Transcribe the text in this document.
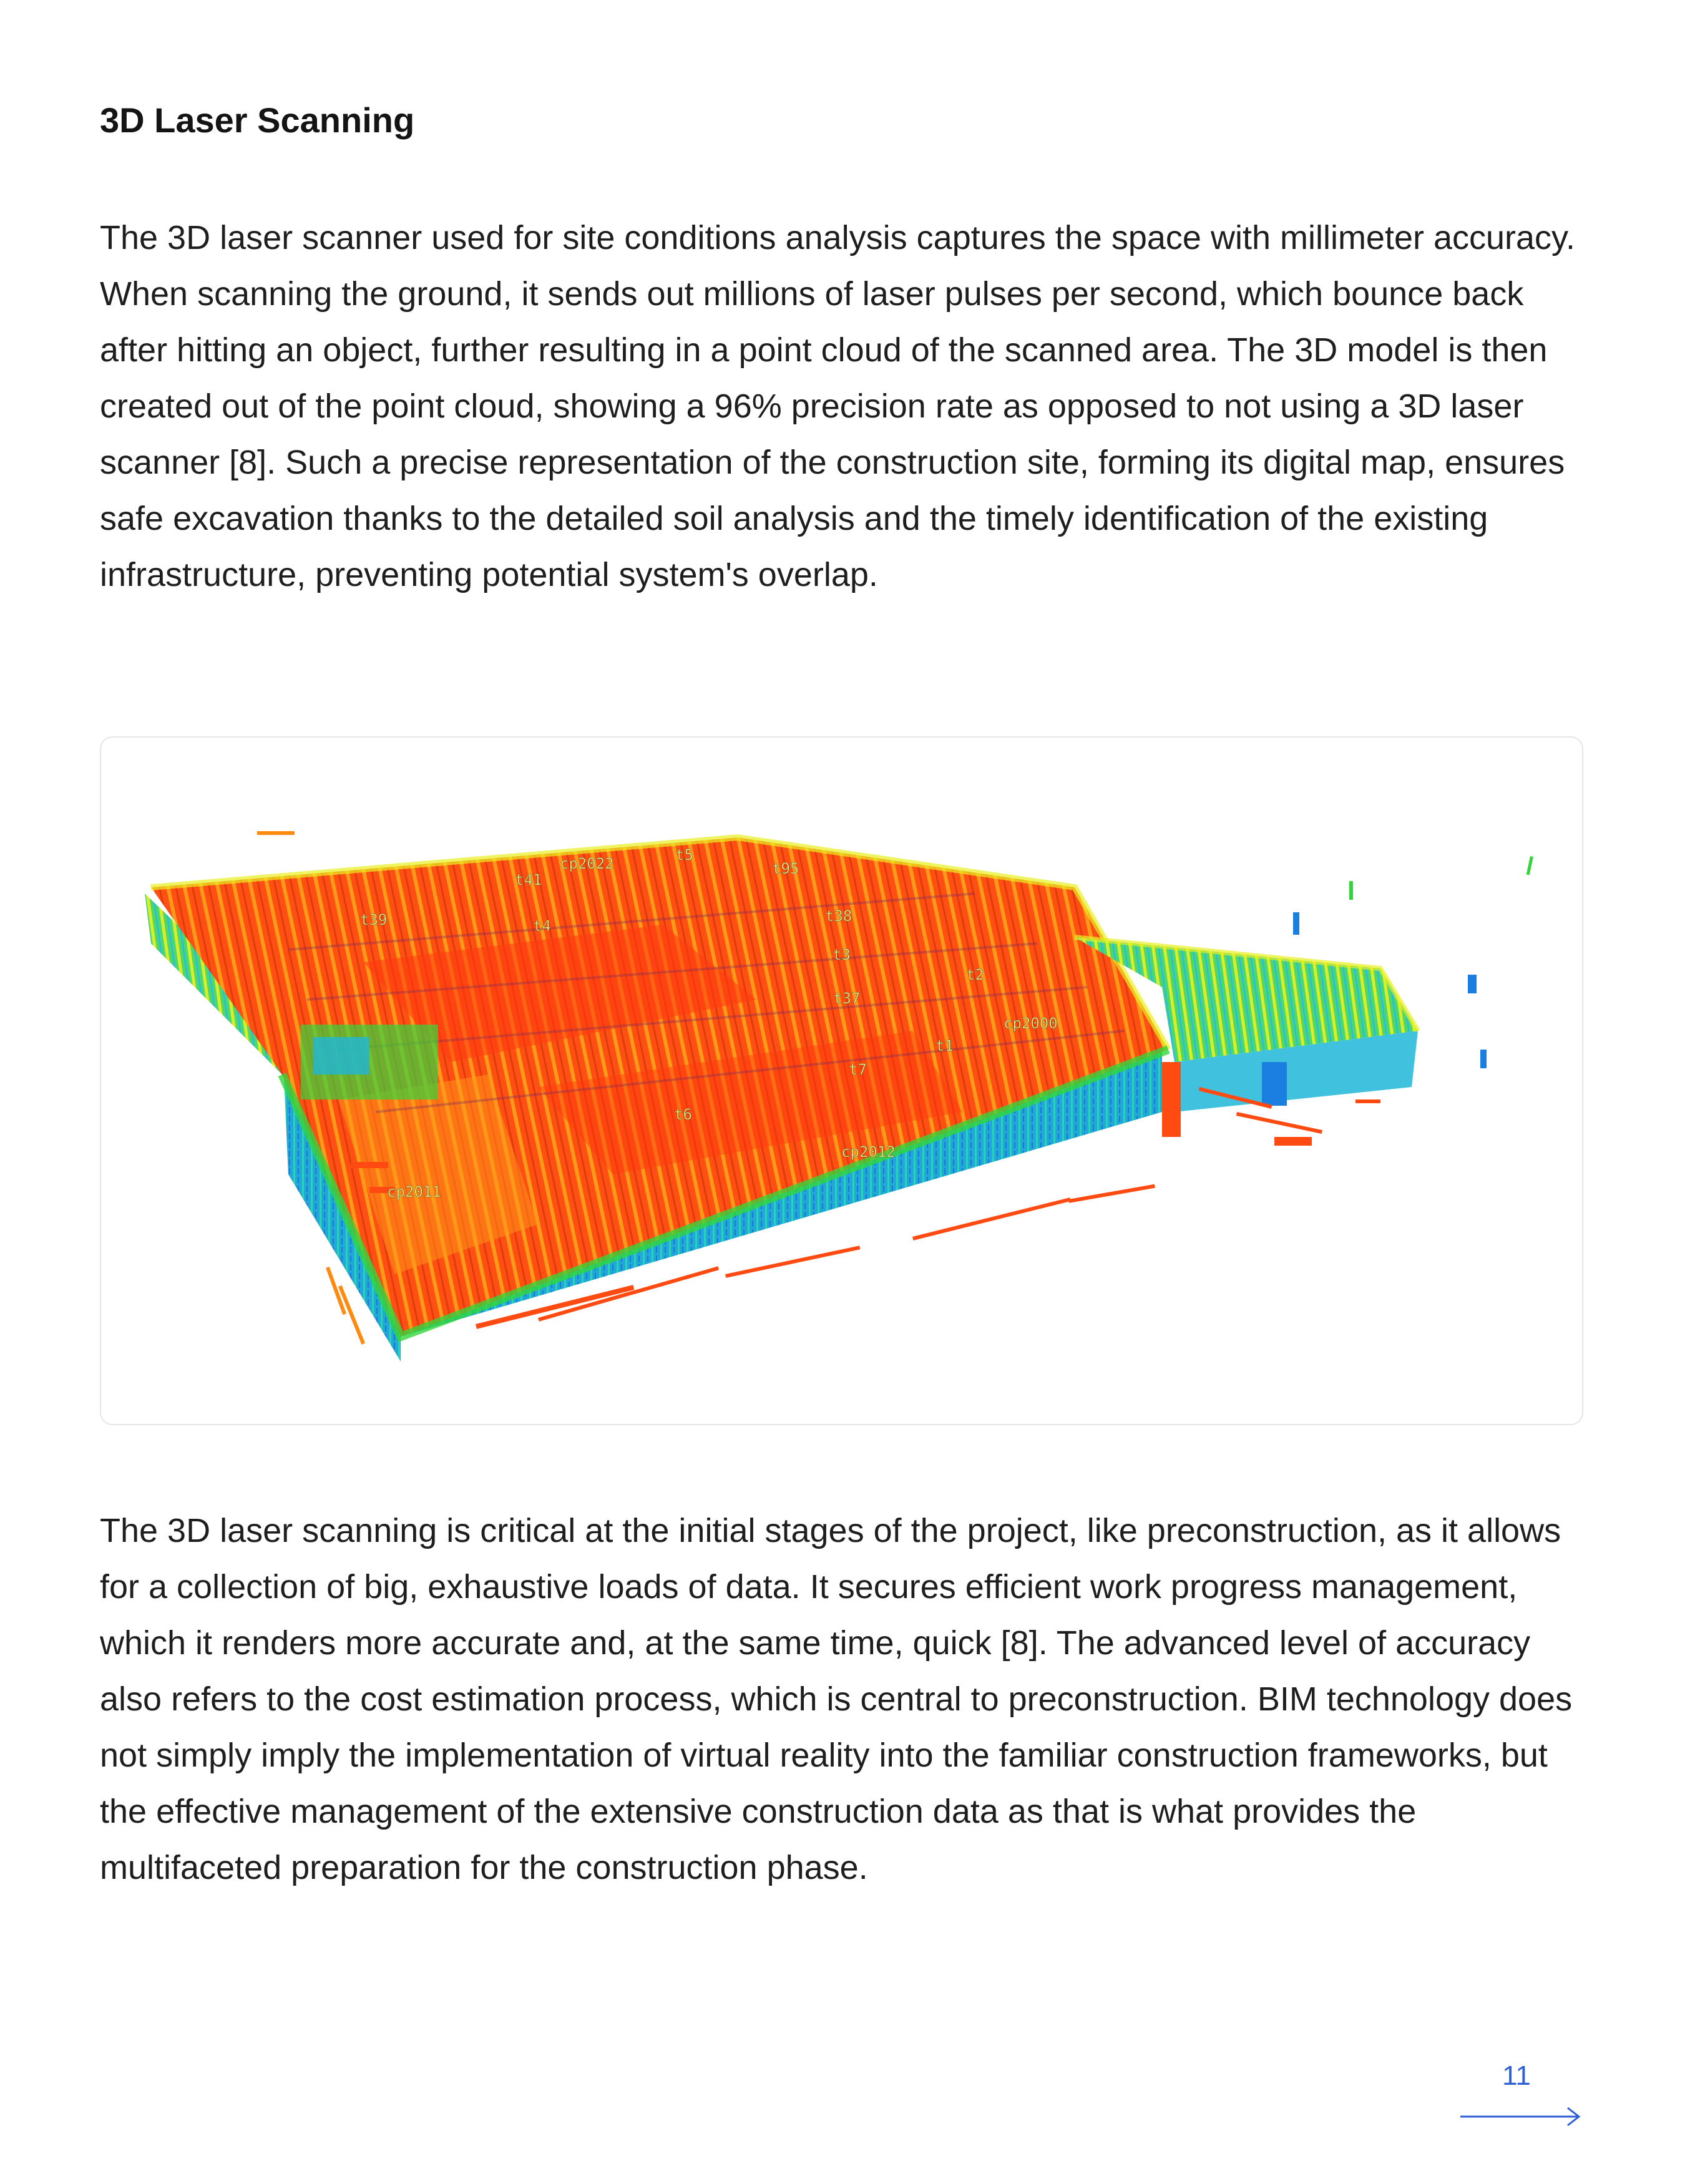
3D Laser Scanning

The 3D laser scanner used for site conditions analysis captures the space with millimeter accuracy. When scanning the ground, it sends out millions of laser pulses per second, which bounce back after hitting an object, further resulting in a point cloud of the scanned area. The 3D model is then created out of the point cloud, showing a 96% precision rate as opposed to not using a 3D laser scanner [8]. Such a precise representation of the construction site, forming its digital map, ensures safe excavation thanks to the detailed soil analysis and the timely identification of the existing infrastructure, preventing potential system's overlap.

t41
cp2022	t5
t95
t39	t4
t38
t3
t2
t37
cp2000
t1
t7
t6
cp2012
cp2011

The 3D laser scanning is critical at the initial stages of the project, like preconstruction, as it allows for a collection of big, exhaustive loads of data. It secures efficient work progress management, which it renders more accurate and, at the same time, quick [8]. The advanced level of accuracy also refers to the cost estimation process, which is central to preconstruction. BIM technology does not simply imply the implementation of virtual reality into the familiar construction frameworks, but the effective management of the extensive construction data as that is what provides the multifaceted preparation for the construction phase.

11
